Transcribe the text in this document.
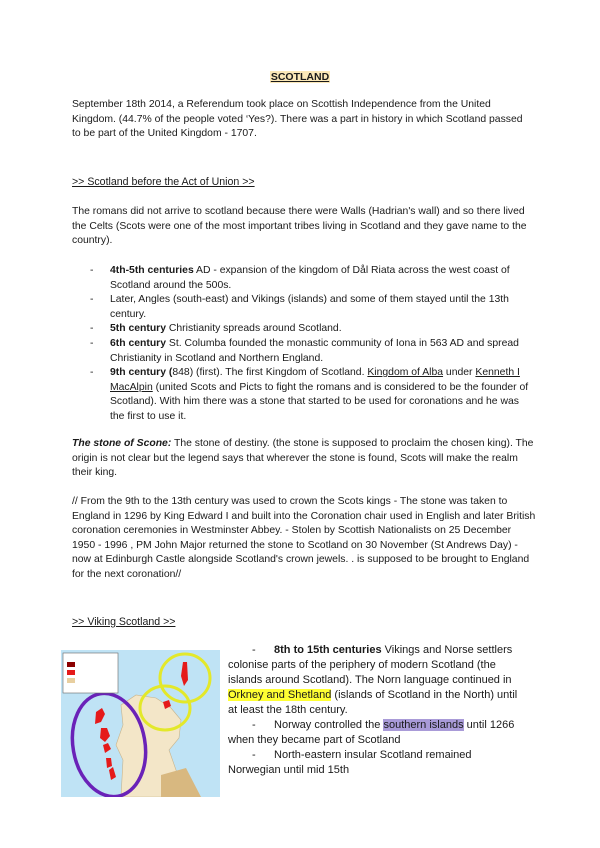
SCOTLAND
September 18th 2014, a Referendum took place on Scottish Independence from the United Kingdom. (44.7% of the people voted ‘Yes?). There was a part in history in which Scotland passed to be part of the United Kingdom - 1707.
>> Scotland before the Act of Union >>
The romans did not arrive to scotland because there were Walls (Hadrian's wall) and so there lived the Celts (Scots were one of the most important tribes living in Scotland and they gave name to the country).
- 4th-5th centuries AD - expansion of the kingdom of Dål Riata across the west coast of Scotland around the 500s.
- Later, Angles (south-east) and Vikings (islands) and some of them stayed until the 13th century.
- 5th century Christianity spreads around Scotland.
- 6th century St. Columba founded the monastic community of Iona in 563 AD and spread Christianity in Scotland and Northern England.
- 9th century (848) (first). The first Kingdom of Scotland. Kingdom of Alba under Kenneth I MacAlpin (united Scots and Picts to fight the romans and is considered to be the founder of Scotland). With him there was a stone that started to be used for coronations and he was the first to use it.
The stone of Scone: The stone of destiny. (the stone is supposed to proclaim the chosen king). The origin is not clear but the legend says that wherever the stone is found, Scots will make the realm their king.
// From the 9th to the 13th century was used to crown the Scots kings - The stone was taken to England in 1296 by King Edward I and built into the Coronation chair used in English and later British coronation ceremonies in Westminster Abbey. - Stolen by Scottish Nationalists on 25 December 1950 - 1996 , PM John Major returned the stone to Scotland on 30 November (St Andrews Day) - now at Edinburgh Castle alongside Scotland's crown jewels. . is supposed to be brought to England for the next coronation//
>> Viking Scotland >>

- 8th to 15th centuries Vikings and Norse settlers colonise parts of the periphery of modern Scotland (the islands around Scotland). The Norn language continued in Orkney and Shetland (islands of Scotland in the North) until at least the 18th century.

- Norway controlled the southern islands until 1266 when they became part of Scotland

- North-eastern insular Scotland remained Norwegian until mid 15th
